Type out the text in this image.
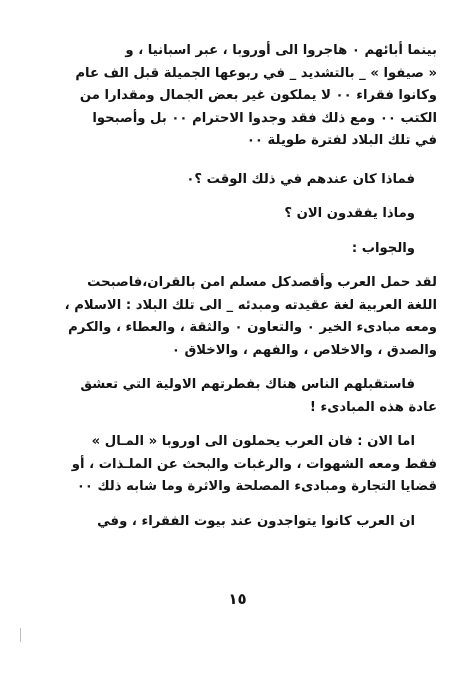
بينما أبائهم ٠ هاجروا الى أوروبا ، عبر اسبانيا ، و
« صيفوا » _ بالتشديد _ في ربوعها الجميلة قبل الف عام
وكانوا فقراء ٠٠ لا يملكون غير بعض الجمال ومقدارا من
الكتب ٠٠ ومع ذلك فقد وجدوا الاحترام ٠٠ بل وأصبحوا
في تلك البلاد لفترة طويلة ٠٠
فماذا كان عندهم في ذلك الوقت ؟٠
وماذا يفقدون الان ؟
والجواب :
لقد حمل العرب وأقصدكل مسلم امن بالقران،فاصبحت
اللغة العربية لغة عقيدته ومبدئه _ الى تلك البلاد : الاسلام ،
ومعه مبادىء الخير ٠ والتعاون ٠ والثقة ، والعطاء ، والكرم
والصدق ، والاخلاص ، والفهم ، والاخلاق ٠
فاستقبلهم الناس هناك بفطرتهم الاولية التي تعشق
عادة هذه المبادىء !
اما الان : فان العرب يحملون الى اوروبا « المـال »
فقط ومعه الشهوات ، والرغبات والبحث عن الملـذات ، أو
قضايا التجارة ومبادىء المصلحة والاثرة وما شابه ذلك ٠٠
ان العرب كانوا يتواجدون عند بيوت الفقراء ، وفي
١٥
